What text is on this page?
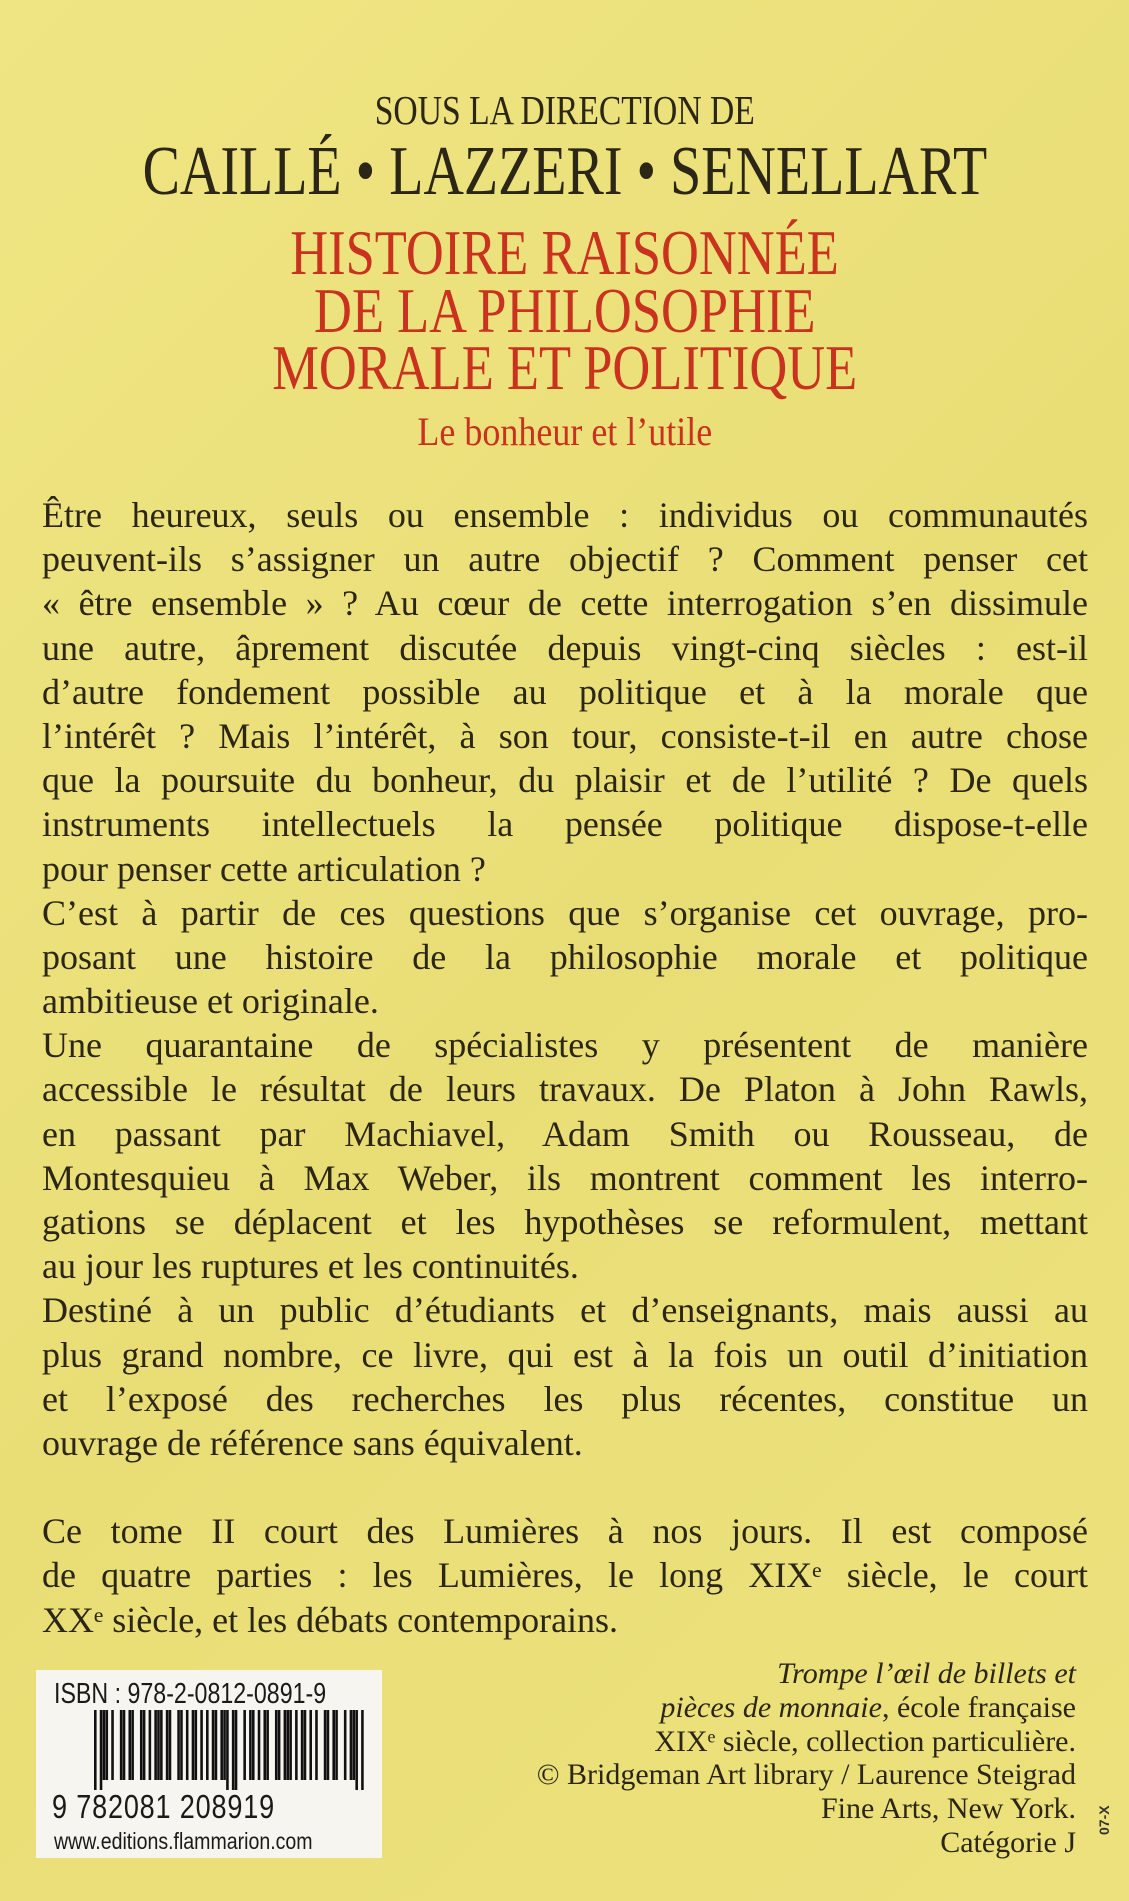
SOUS LA DIRECTION DE
CAILLÉ • LAZZERI • SENELLART
HISTOIRE RAISONNÉE
DE LA PHILOSOPHIE
MORALE ET POLITIQUE
Le bonheur et l’utile
Être heureux, seuls ou ensemble : individus ou communautés
peuvent-ils s’assigner un autre objectif ? Comment penser cet
« être ensemble » ? Au cœur de cette interrogation s’en dissimule
une autre, âprement discutée depuis vingt-cinq siècles : est-il
d’autre fondement possible au politique et à la morale que
l’intérêt ? Mais l’intérêt, à son tour, consiste-t-il en autre chose
que la poursuite du bonheur, du plaisir et de l’utilité ? De quels
instruments intellectuels la pensée politique dispose-t-elle
pour penser cette articulation ?
C’est à partir de ces questions que s’organise cet ouvrage, pro-
posant une histoire de la philosophie morale et politique
ambitieuse et originale.
Une quarantaine de spécialistes y présentent de manière
accessible le résultat de leurs travaux. De Platon à John Rawls,
en passant par Machiavel, Adam Smith ou Rousseau, de
Montesquieu à Max Weber, ils montrent comment les interro-
gations se déplacent et les hypothèses se reformulent, mettant
au jour les ruptures et les continuités.
Destiné à un public d’étudiants et d’enseignants, mais aussi au
plus grand nombre, ce livre, qui est à la fois un outil d’initiation
et l’exposé des recherches les plus récentes, constitue un
ouvrage de référence sans équivalent.
Ce tome II court des Lumières à nos jours. Il est composé
de quatre parties : les Lumières, le long XIXᵉ siècle, le court
XXᵉ siècle, et les débats contemporains.
ISBN : 978-2-0812-0891-9
9 782081 208919
www.editions.flammarion.com
Trompe l’œil de billets et
pièces de monnaie, école française
XIXᵉ siècle, collection particulière.
© Bridgeman Art library / Laurence Steigrad
Fine Arts, New York.
Catégorie J
07-X
